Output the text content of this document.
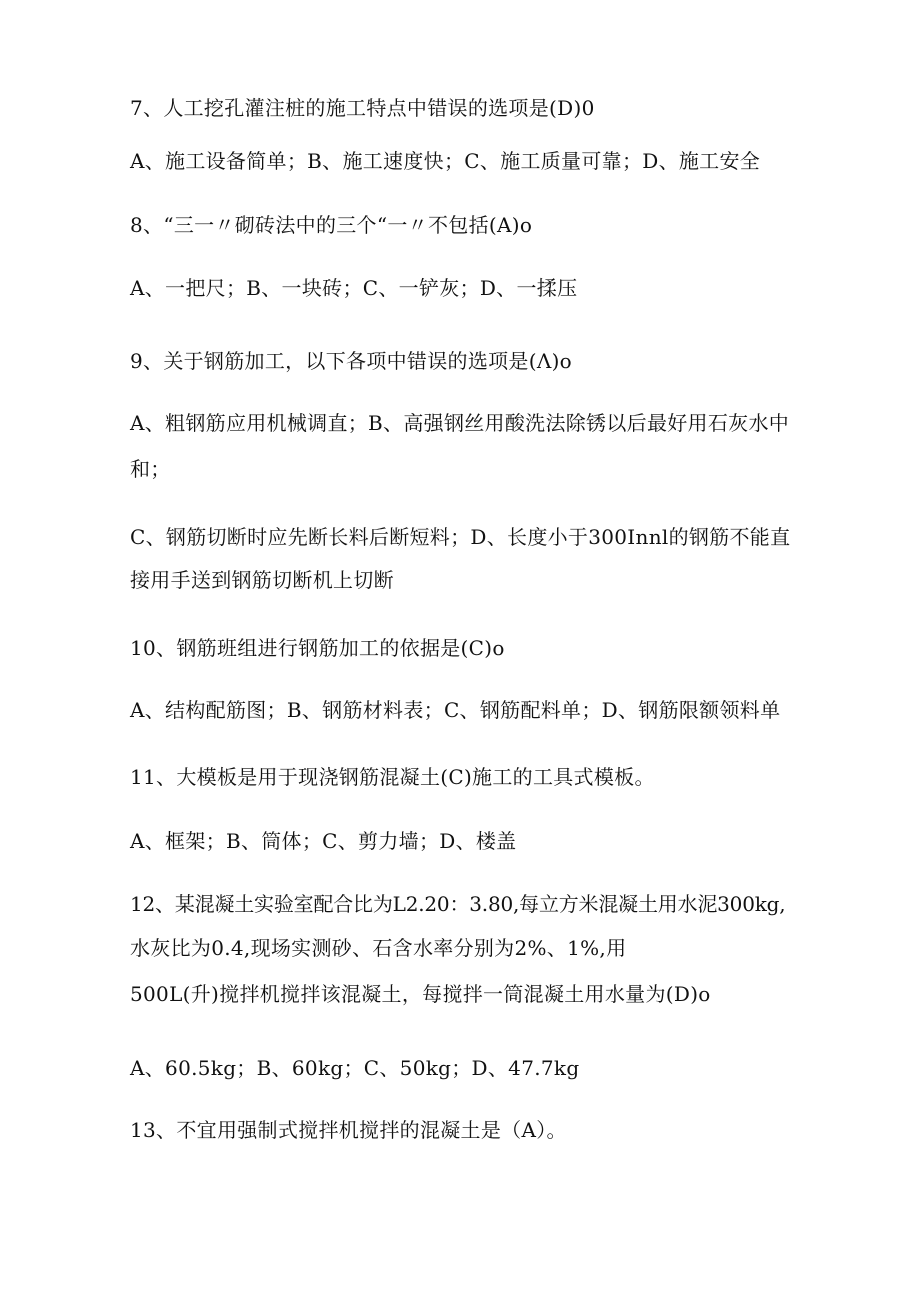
7、人工挖孔灌注桩的施工特点中错误的选项是(D)0
A、施工设备简单；B、施工速度快；C、施工质量可靠；D、施工安全
8、“三一〃砌砖法中的三个“一〃不包括(A)o
A、一把尺；B、一块砖；C、一铲灰；D、一揉压
9、关于钢筋加工，以下各项中错误的选项是(Λ)o
A、粗钢筋应用机械调直；B、高强钢丝用酸洗法除锈以后最好用石灰水中
和；
C、钢筋切断时应先断长料后断短料；D、长度小于300Innl的钢筋不能直
接用手送到钢筋切断机上切断
10、钢筋班组进行钢筋加工的依据是(C)o
A、结构配筋图；B、钢筋材料表；C、钢筋配料单；D、钢筋限额领料单
11、大模板是用于现浇钢筋混凝土(C)施工的工具式模板。
A、框架；B、筒体；C、剪力墙；D、楼盖
12、某混凝土实验室配合比为L2.20：3.80,每立方米混凝土用水泥300kg,
水灰比为0.4,现场实测砂、石含水率分别为2%、1%,用
500L(升)搅拌机搅拌该混凝土，每搅拌一筒混凝土用水量为(D)o
A、60.5kg；B、60kg；C、50kg；D、47.7kg
13、不宜用强制式搅拌机搅拌的混凝土是（A）。
